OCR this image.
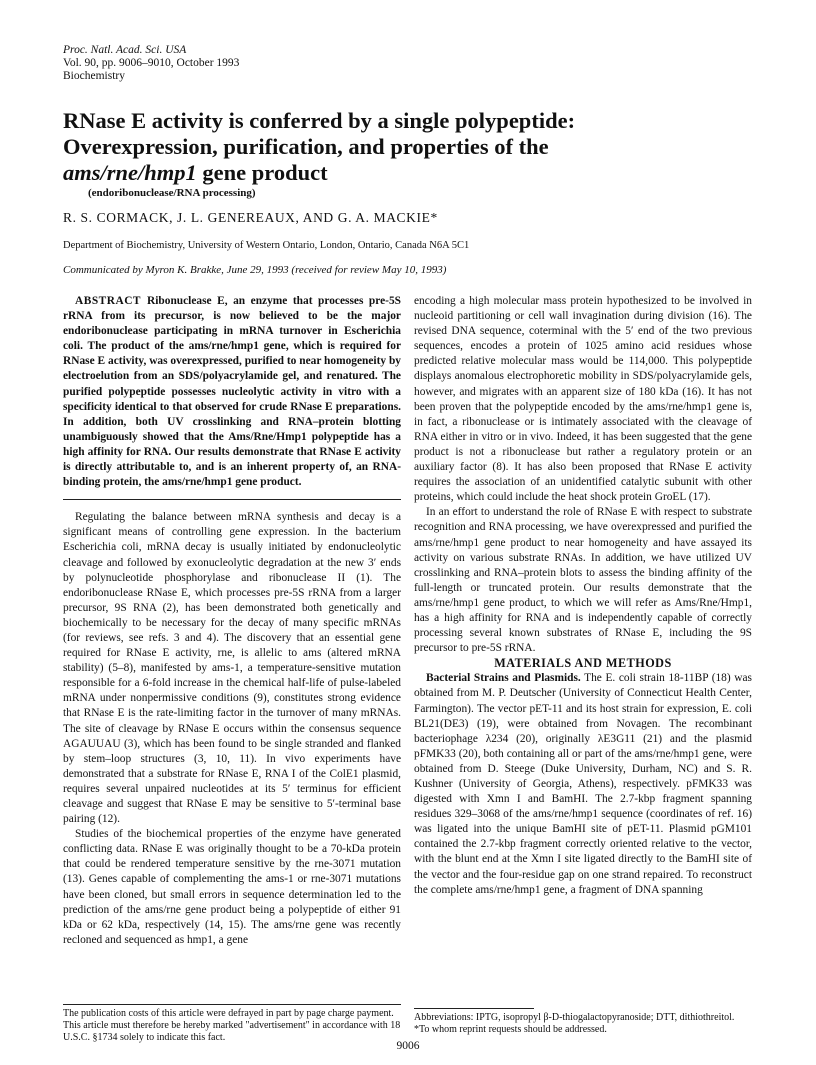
Proc. Natl. Acad. Sci. USA
Vol. 90, pp. 9006–9010, October 1993
Biochemistry
RNase E activity is conferred by a single polypeptide:
Overexpression, purification, and properties of the
ams/rne/hmp1 gene product
(endoribonuclease/RNA processing)
R. S. CORMACK, J. L. GENEREAUX, AND G. A. MACKIE*
Department of Biochemistry, University of Western Ontario, London, Ontario, Canada N6A 5C1
Communicated by Myron K. Brakke, June 29, 1993 (received for review May 10, 1993)

ABSTRACT Ribonuclease E, an enzyme that processes pre-5S rRNA from its precursor, is now believed to be the major endoribonuclease participating in mRNA turnover in Escherichia coli. The product of the ams/rne/hmp1 gene, which is required for RNase E activity, was overexpressed, purified to near homogeneity by electroelution from an SDS/polyacrylamide gel, and renatured. The purified polypeptide possesses nucleolytic activity in vitro with a specificity identical to that observed for crude RNase E preparations. In addition, both UV crosslinking and RNA–protein blotting unambiguously showed that the Ams/Rne/Hmp1 polypeptide has a high affinity for RNA. Our results demonstrate that RNase E activity is directly attributable to, and is an inherent property of, an RNA-binding protein, the ams/rne/hmp1 gene product.

Regulating the balance between mRNA synthesis and decay is a significant means of controlling gene expression. In the bacterium Escherichia coli, mRNA decay is usually initiated by endonucleolytic cleavage and followed by exonucleolytic degradation at the new 3′ ends by polynucleotide phosphorylase and ribonuclease II (1). The endoribonuclease RNase E, which processes pre-5S rRNA from a larger precursor, 9S RNA (2), has been demonstrated both genetically and biochemically to be necessary for the decay of many specific mRNAs (for reviews, see refs. 3 and 4). The discovery that an essential gene required for RNase E activity, rne, is allelic to ams (altered mRNA stability) (5–8), manifested by ams-1, a temperature-sensitive mutation responsible for a 6-fold increase in the chemical half-life of pulse-labeled mRNA under nonpermissive conditions (9), constitutes strong evidence that RNase E is the rate-limiting factor in the turnover of many mRNAs. The site of cleavage by RNase E occurs within the consensus sequence AGAUUAU (3), which has been found to be single stranded and flanked by stem–loop structures (3, 10, 11). In vivo experiments have demonstrated that a substrate for RNase E, RNA I of the ColE1 plasmid, requires several unpaired nucleotides at its 5′ terminus for efficient cleavage and suggest that RNase E may be sensitive to 5′-terminal base pairing (12).

Studies of the biochemical properties of the enzyme have generated conflicting data. RNase E was originally thought to be a 70-kDa protein that could be rendered temperature sensitive by the rne-3071 mutation (13). Genes capable of complementing the ams-1 or rne-3071 mutations have been cloned, but small errors in sequence determination led to the prediction of the ams/rne gene product being a polypeptide of either 91 kDa or 62 kDa, respectively (14, 15). The ams/rne gene was recently recloned and sequenced as hmp1, a gene

encoding a high molecular mass protein hypothesized to be involved in nucleoid partitioning or cell wall invagination during division (16). The revised DNA sequence, coterminal with the 5′ end of the two previous sequences, encodes a protein of 1025 amino acid residues whose predicted relative molecular mass would be 114,000. This polypeptide displays anomalous electrophoretic mobility in SDS/polyacrylamide gels, however, and migrates with an apparent size of 180 kDa (16). It has not been proven that the polypeptide encoded by the ams/rne/hmp1 gene is, in fact, a ribonuclease or is intimately associated with the cleavage of RNA either in vitro or in vivo. Indeed, it has been suggested that the gene product is not a ribonuclease but rather a regulatory protein or an auxiliary factor (8). It has also been proposed that RNase E activity requires the association of an unidentified catalytic subunit with other proteins, which could include the heat shock protein GroEL (17).

In an effort to understand the role of RNase E with respect to substrate recognition and RNA processing, we have overexpressed and purified the ams/rne/hmp1 gene product to near homogeneity and have assayed its activity on various substrate RNAs. In addition, we have utilized UV crosslinking and RNA–protein blots to assess the binding affinity of the full-length or truncated protein. Our results demonstrate that the ams/rne/hmp1 gene product, to which we will refer as Ams/Rne/Hmp1, has a high affinity for RNA and is independently capable of correctly processing several known substrates of RNase E, including the 9S precursor to pre-5S rRNA.

MATERIALS AND METHODS

Bacterial Strains and Plasmids. The E. coli strain 18-11BP (18) was obtained from M. P. Deutscher (University of Connecticut Health Center, Farmington). The vector pET-11 and its host strain for expression, E. coli BL21(DE3) (19), were obtained from Novagen. The recombinant bacteriophage λ234 (20), originally λE3G11 (21) and the plasmid pFMK33 (20), both containing all or part of the ams/rne/hmp1 gene, were obtained from D. Steege (Duke University, Durham, NC) and S. R. Kushner (University of Georgia, Athens), respectively. pFMK33 was digested with Xmn I and BamHI. The 2.7-kbp fragment spanning residues 329–3068 of the ams/rne/hmp1 sequence (coordinates of ref. 16) was ligated into the unique BamHI site of pET-11. Plasmid pGM101 contained the 2.7-kbp fragment correctly oriented relative to the vector, with the blunt end at the Xmn I site ligated directly to the BamHI site of the vector and the four-residue gap on one strand repaired. To reconstruct the complete ams/rne/hmp1 gene, a fragment of DNA spanning

The publication costs of this article were defrayed in part by page charge payment. This article must therefore be hereby marked "advertisement" in accordance with 18 U.S.C. §1734 solely to indicate this fact.
Abbreviations: IPTG, isopropyl β-D-thiogalactopyranoside; DTT, dithiothreitol.
*To whom reprint requests should be addressed.
9006
